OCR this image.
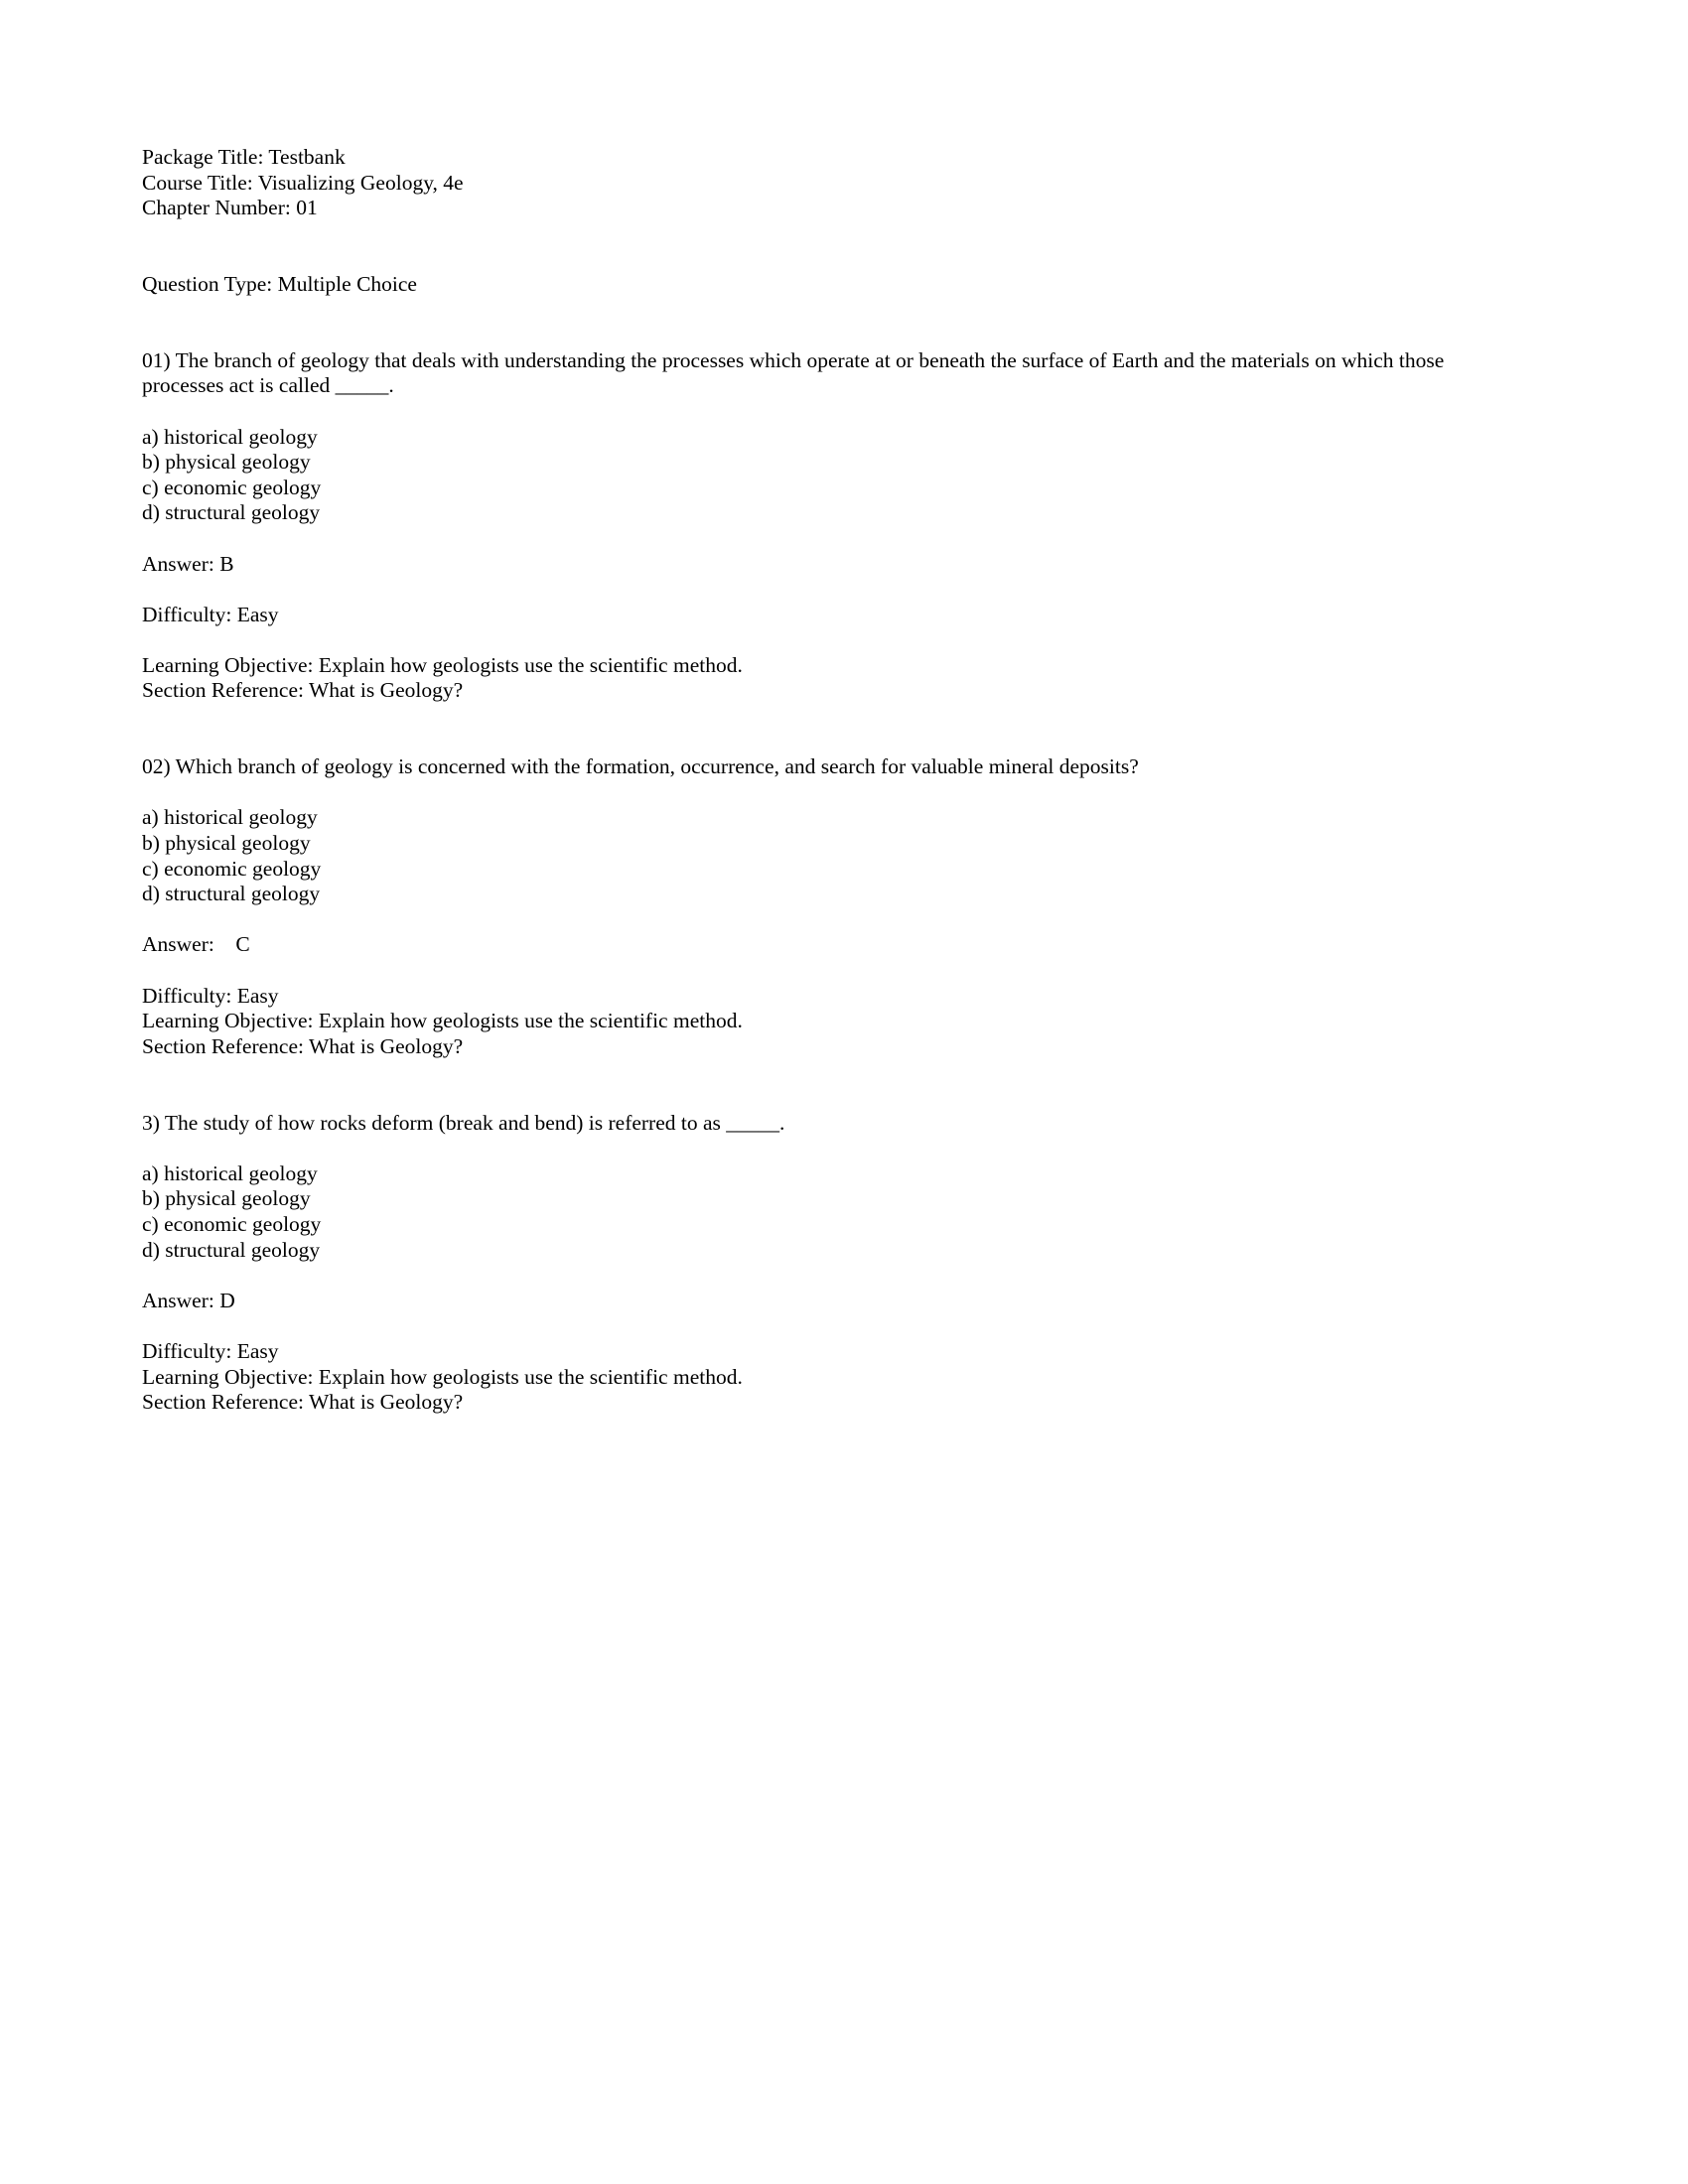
Package Title: Testbank

Course Title: Visualizing Geology, 4e

Chapter Number: 01

Question Type: Multiple Choice

01) The branch of geology that deals with understanding the processes which operate at or beneath the surface of Earth and the materials on which those processes act is called _____.

a) historical geology

b) physical geology

c) economic geology

d) structural geology

Answer: B

Difficulty: Easy

Learning Objective: Explain how geologists use the scientific method.

Section Reference: What is Geology?

02) Which branch of geology is concerned with the formation, occurrence, and search for valuable mineral deposits?

a) historical geology

b) physical geology

c) economic geology

d) structural geology

Answer:    C

Difficulty: Easy

Learning Objective: Explain how geologists use the scientific method.

Section Reference: What is Geology?

3) The study of how rocks deform (break and bend) is referred to as _____.

a) historical geology

b) physical geology

c) economic geology

d) structural geology

Answer: D

Difficulty: Easy

Learning Objective: Explain how geologists use the scientific method.

Section Reference: What is Geology?
